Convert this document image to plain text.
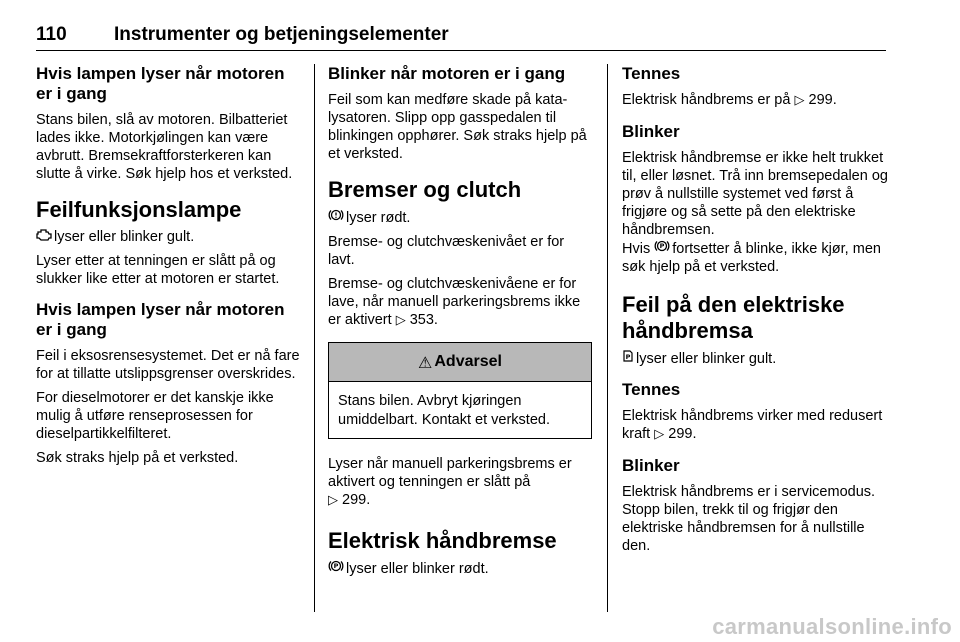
110 Instrumenter og betjeningselementer
Hvis lampen lyser når motoren er i gang
Stans bilen, slå av motoren. Bilbatteriet lades ikke. Motorkjølingen kan være avbrutt. Bremsekraftforsterkeren kan slutte å virke. Søk hjelp hos et verksted.
Feilfunksjonslampe
lyser eller blinker gult.
Lyser etter at tenningen er slått på og slukker like etter at motoren er startet.
Hvis lampen lyser når motoren er i gang
Feil i eksosrensesystemet. Det er nå fare for at tillatte utslippsgrenser overskrides.
For dieselmotorer er det kanskje ikke mulig å utføre renseprosessen for dieselpartikkelfilteret.
Søk straks hjelp på et verksted.
Blinker når motoren er i gang
Feil som kan medføre skade på katalysatoren. Slipp opp gasspedalen til blinkingen opphører. Søk straks hjelp på et verksted.
Bremser og clutch
lyser rødt.
Bremse- og clutchvæskenivået er for lavt.
Bremse- og clutchvæskenivåene er for lave, når manuell parkeringsbrems ikke er aktivert ▷ 353.
⚠ Advarsel
Stans bilen. Avbryt kjøringen umiddelbart. Kontakt et verksted.
Lyser når manuell parkeringsbrems er aktivert og tenningen er slått på
▷ 299.
Elektrisk håndbremse
P lyser eller blinker rødt.
Tennes
Elektrisk håndbrems er på ▷ 299.
Blinker
Elektrisk håndbremse er ikke helt trukket til, eller løsnet. Trå inn bremsepedalen og prøv å nullstille systemet ved først å frigjøre og så sette på den elektriske håndbremsen.
Hvis P fortsetter å blinke, ikke kjør, men søk hjelp på et verksted.
Feil på den elektriske håndbremsa
P lyser eller blinker gult.
Tennes
Elektrisk håndbrems virker med redusert kraft ▷ 299.
Blinker
Elektrisk håndbrems er i servicemodus. Stopp bilen, trekk til og frigjør den elektriske håndbremsen for å nullstille den.
carmanualsonline.info
